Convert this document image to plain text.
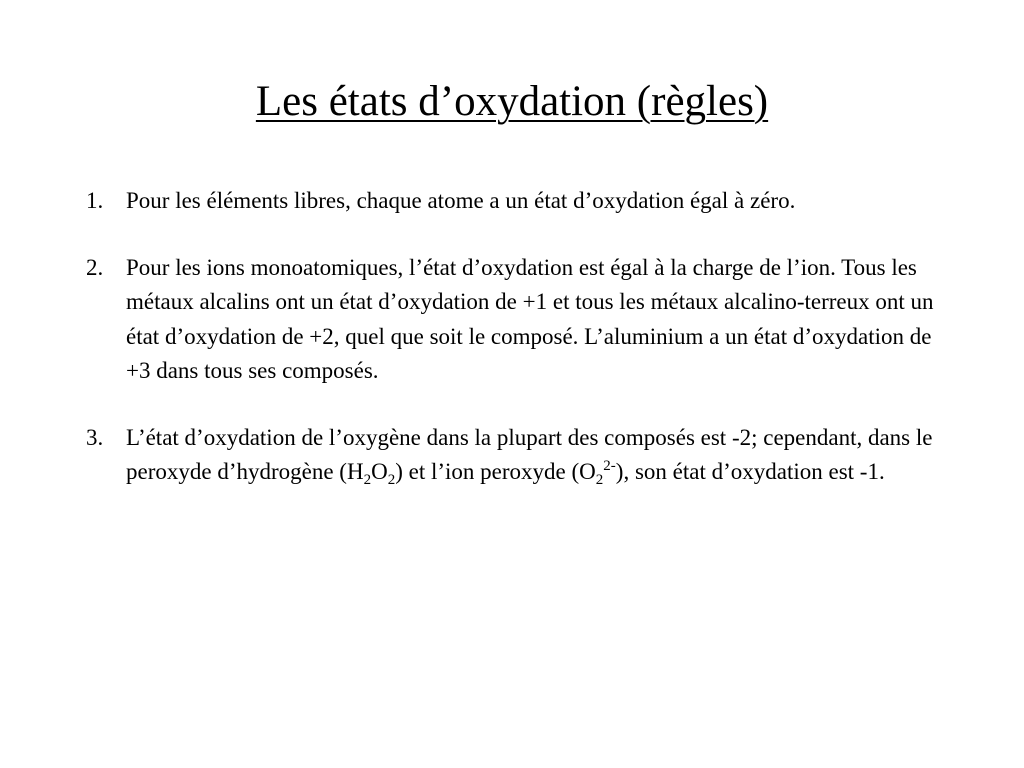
Les états d’oxydation (règles)
1. Pour les éléments libres, chaque atome a un état d’oxydation égal à zéro.
2. Pour les ions monoatomiques, l’état d’oxydation est égal à la charge de l’ion. Tous les métaux alcalins ont un état d’oxydation de +1 et tous les métaux alcalino-terreux ont un état d’oxydation de +2, quel que soit le composé. L’aluminium a un état d’oxydation de +3 dans tous ses composés.
3. L’état d’oxydation de l’oxygène dans la plupart des composés est -2; cependant, dans le peroxyde d’hydrogène $(H_2O_2)$ et l’ion peroxyde $(O_2^{2-})$, son état d’oxydation est -1.
